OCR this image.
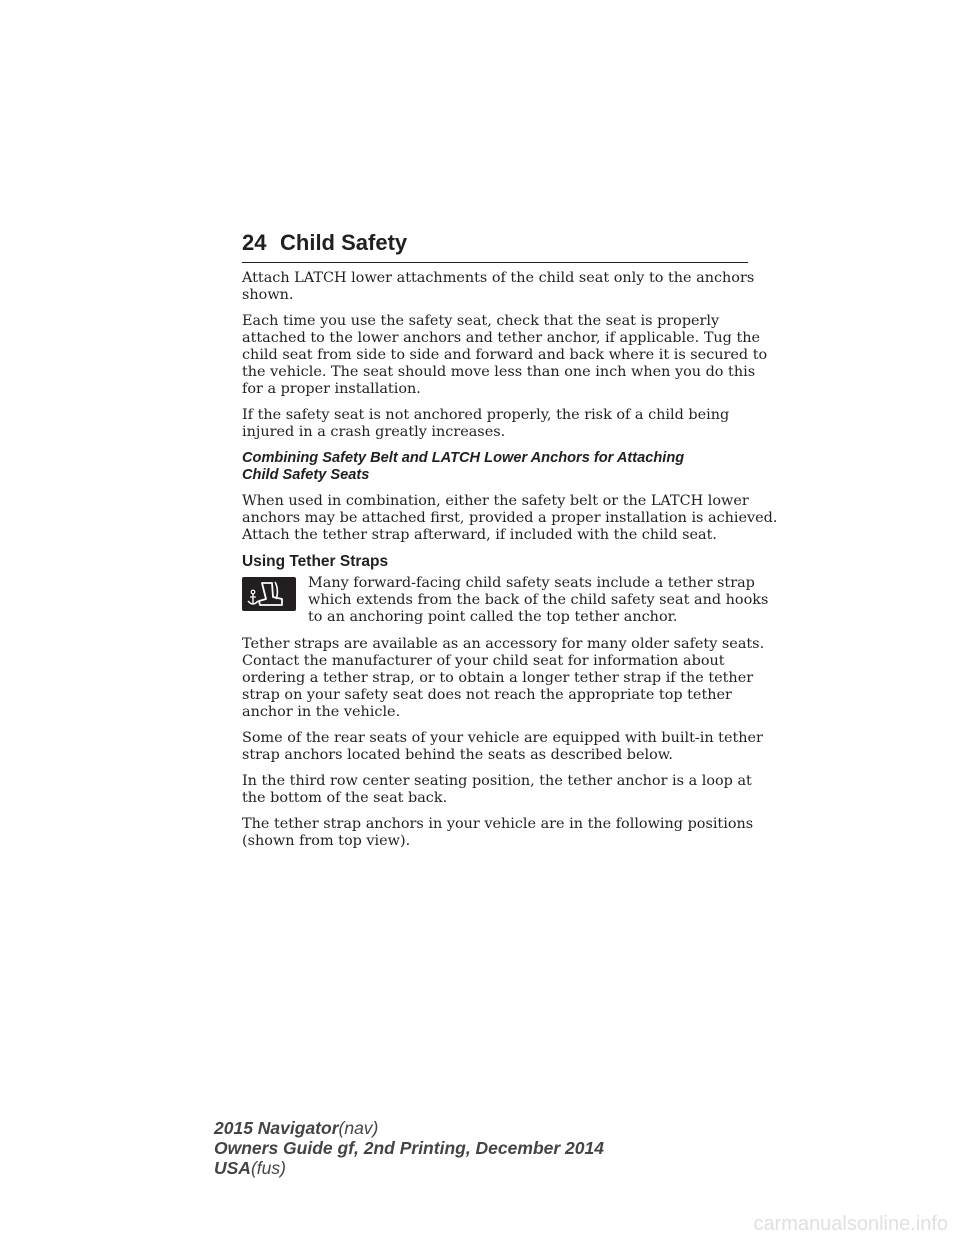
24 Child Safety

Attach LATCH lower attachments of the child seat only to the anchors
shown.

Each time you use the safety seat, check that the seat is properly
attached to the lower anchors and tether anchor, if applicable. Tug the
child seat from side to side and forward and back where it is secured to
the vehicle. The seat should move less than one inch when you do this
for a proper installation.

If the safety seat is not anchored properly, the risk of a child being
injured in a crash greatly increases.

Combining Safety Belt and LATCH Lower Anchors for Attaching
Child Safety Seats

When used in combination, either the safety belt or the LATCH lower
anchors may be attached first, provided a proper installation is achieved.
Attach the tether strap afterward, if included with the child seat.

Using Tether Straps
Many forward-facing child safety seats include a tether strap
which extends from the back of the child safety seat and hooks
to an anchoring point called the top tether anchor.

Tether straps are available as an accessory for many older safety seats.
Contact the manufacturer of your child seat for information about
ordering a tether strap, or to obtain a longer tether strap if the tether
strap on your safety seat does not reach the appropriate top tether
anchor in the vehicle.

Some of the rear seats of your vehicle are equipped with built-in tether
strap anchors located behind the seats as described below.

In the third row center seating position, the tether anchor is a loop at
the bottom of the seat back.

The tether strap anchors in your vehicle are in the following positions
(shown from top view).

2015 Navigator(nav)
Owners Guide gf, 2nd Printing, December 2014
USA(fus)
carmanualsonline.info
